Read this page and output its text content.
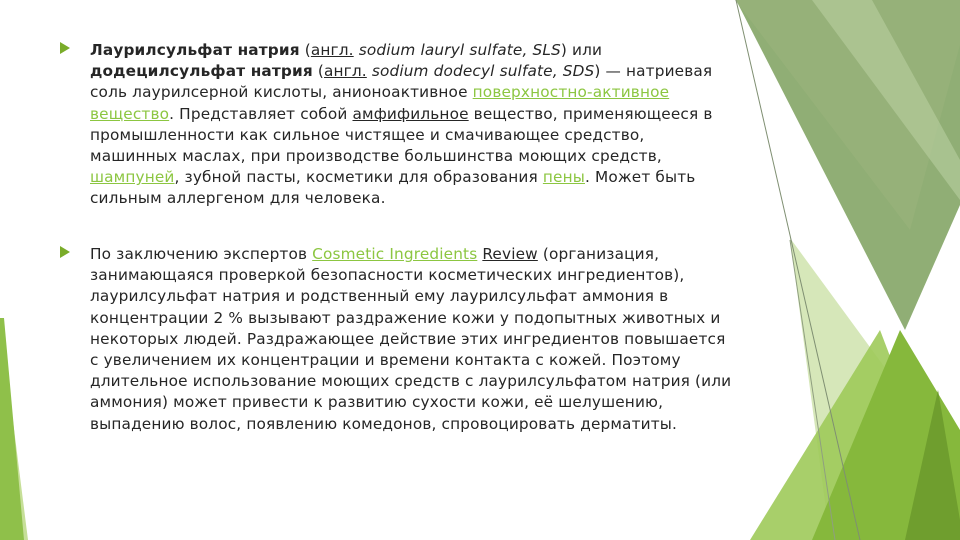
Лаурилсульфат натрия (англ. sodium lauryl sulfate, SLS) или додецилсульфат натрия (англ. sodium dodecyl sulfate, SDS) — натриевая соль лаурилсерной кислоты, анионоактивное поверхностно-активное вещество. Представляет собой амфифильное вещество, применяющееся в промышленности как сильное чистящее и смачивающее средство, машинных маслах, при производстве большинства моющих средств, шампуней, зубной пасты, косметики для образования пены. Может быть сильным аллергеном для человека.
По заключению экспертов Cosmetic Ingredients Review (организация, занимающаяся проверкой безопасности косметических ингредиентов), лаурилсульфат натрия и родственный ему лаурилсульфат аммония в концентрации 2 % вызывают раздражение кожи у подопытных животных и некоторых людей. Раздражающее действие этих ингредиентов повышается с увеличением их концентрации и времени контакта с кожей. Поэтому длительное использование моющих средств с лаурилсульфатом натрия (или аммония) может привести к развитию сухости кожи, её шелушению, выпадению волос, появлению комедонов, спровоцировать дерматиты.
